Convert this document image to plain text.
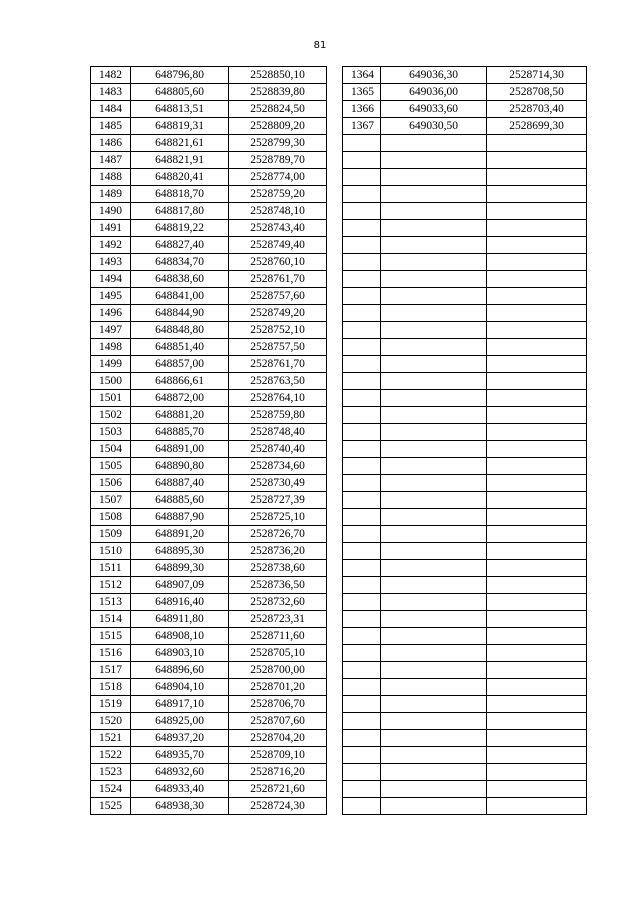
81
1482	648796,80	2528850,10
1483	648805,60	2528839,80
1484	648813,51	2528824,50
1485	648819,31	2528809,20
1486	648821,61	2528799,30
1487	648821,91	2528789,70
1488	648820,41	2528774,00
1489	648818,70	2528759,20
1490	648817,80	2528748,10
1491	648819,22	2528743,40
1492	648827,40	2528749,40
1493	648834,70	2528760,10
1494	648838,60	2528761,70
1495	648841,00	2528757,60
1496	648844,90	2528749,20
1497	648848,80	2528752,10
1498	648851,40	2528757,50
1499	648857,00	2528761,70
1500	648866,61	2528763,50
1501	648872,00	2528764,10
1502	648881,20	2528759,80
1503	648885,70	2528748,40
1504	648891,00	2528740,40
1505	648890,80	2528734,60
1506	648887,40	2528730,49
1507	648885,60	2528727,39
1508	648887,90	2528725,10
1509	648891,20	2528726,70
1510	648895,30	2528736,20
1511	648899,30	2528738,60
1512	648907,09	2528736,50
1513	648916,40	2528732,60
1514	648911,80	2528723,31
1515	648908,10	2528711,60
1516	648903,10	2528705,10
1517	648896,60	2528700,00
1518	648904,10	2528701,20
1519	648917,10	2528706,70
1520	648925,00	2528707,60
1521	648937,20	2528704,20
1522	648935,70	2528709,10
1523	648932,60	2528716,20
1524	648933,40	2528721,60
1525	648938,30	2528724,30
1364	649036,30	2528714,30
1365	649036,00	2528708,50
1366	649033,60	2528703,40
1367	649030,50	2528699,30
